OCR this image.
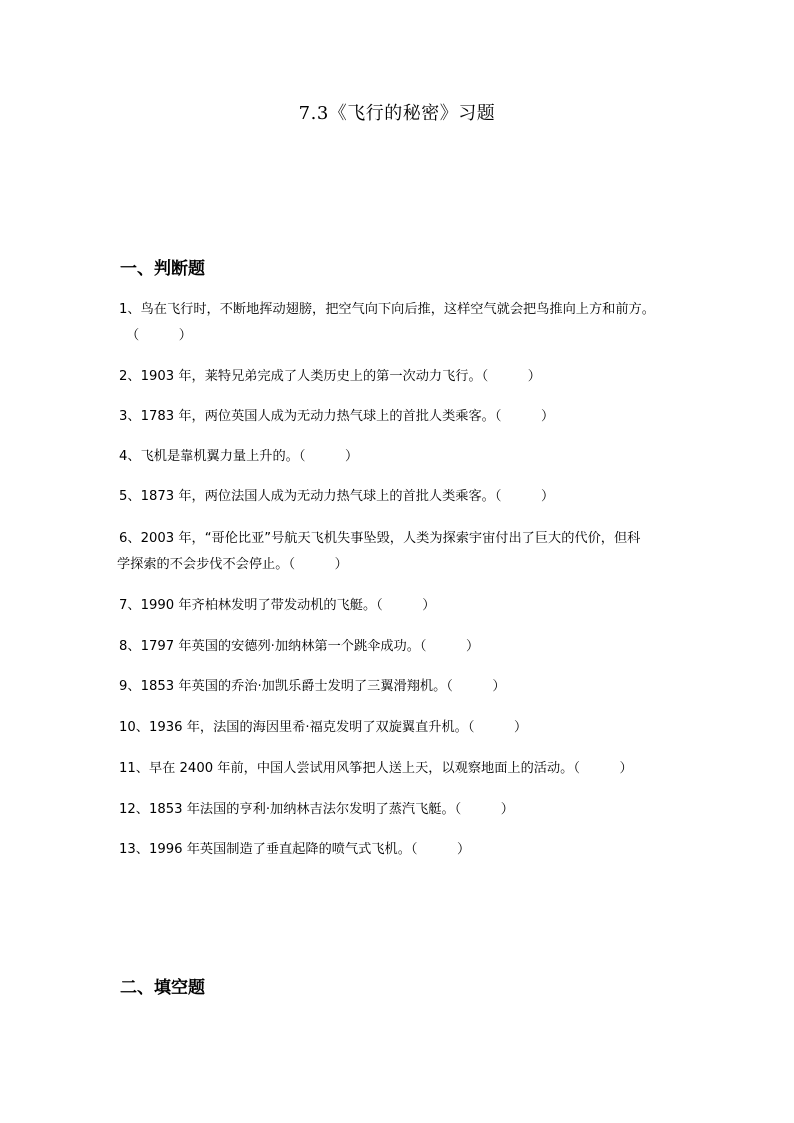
7.3《飞行的秘密》习题
一、判断题
1、鸟在飞行时，不断地挥动翅膀，把空气向下向后推，这样空气就会把鸟推向上方和前方。
（　　　）
2、1903 年，莱特兄弟完成了人类历史上的第一次动力飞行。（　　　）
3、1783 年，两位英国人成为无动力热气球上的首批人类乘客。（　　　）
4、飞机是靠机翼力量上升的。（　　　）
5、1873 年，两位法国人成为无动力热气球上的首批人类乘客。（　　　）
6、2003 年，“哥伦比亚”号航天飞机失事坠毁，人类为探索宇宙付出了巨大的代价，但科
学探索的不会步伐不会停止。（　　　）
7、1990 年齐柏林发明了带发动机的飞艇。（　　　）
8、1797 年英国的安德列·加纳林第一个跳伞成功。（　　　）
9、1853 年英国的乔治·加凯乐爵士发明了三翼滑翔机。（　　　）
10、1936 年，法国的海因里希·福克发明了双旋翼直升机。（　　　）
11、早在 2400 年前，中国人尝试用风筝把人送上天，以观察地面上的活动。（　　　）
12、1853 年法国的亨利·加纳林吉法尔发明了蒸汽飞艇。（　　　）
13、1996 年英国制造了垂直起降的喷气式飞机。（　　　）
二、填空题
